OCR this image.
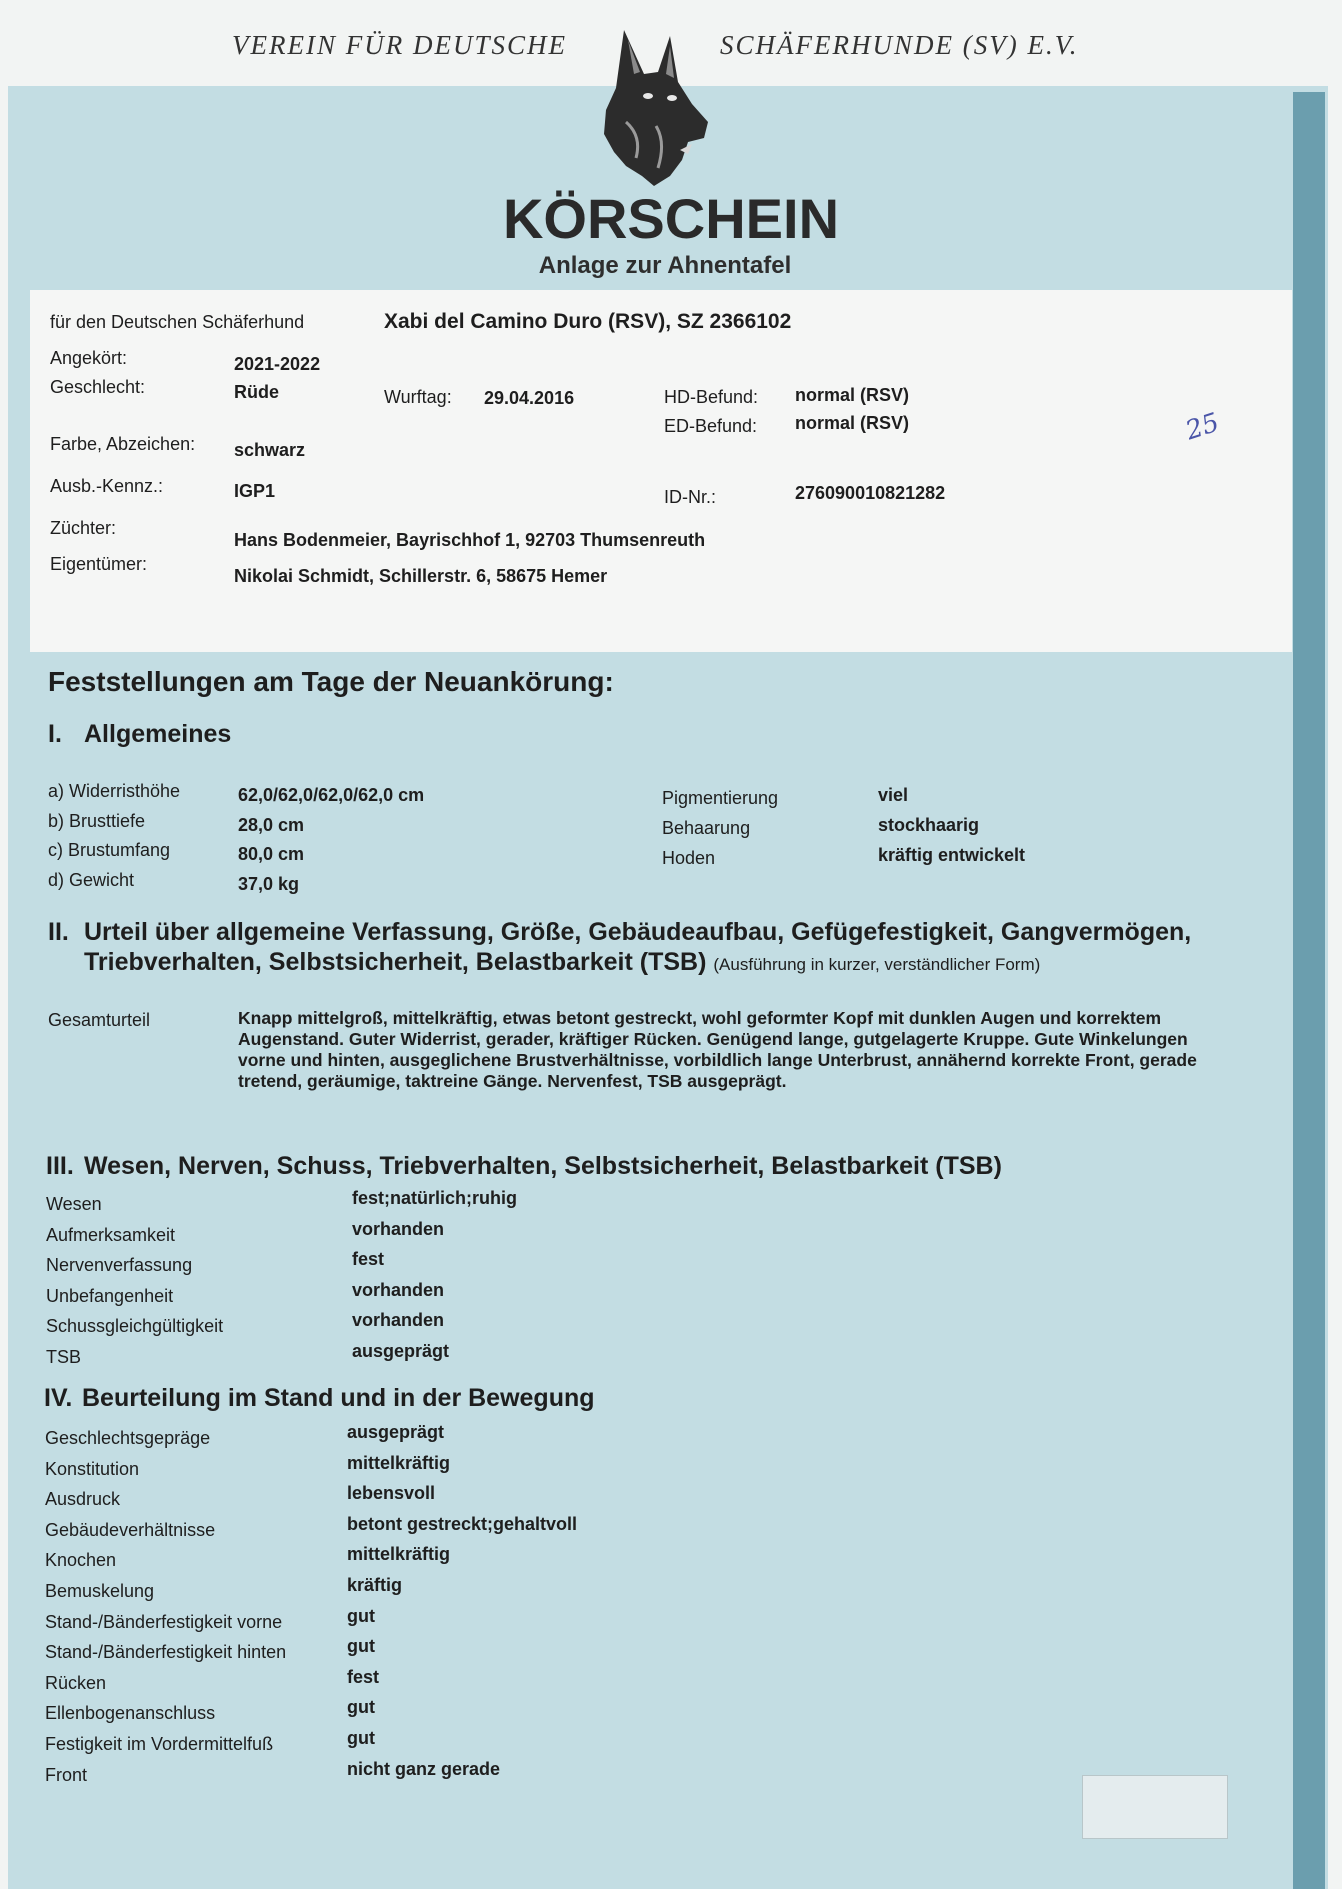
VEREIN FÜR DEUTSCHE	SCHÄFERHUNDE (SV) E.V.
KÖRSCHEIN
Anlage zur Ahnentafel
für den Deutschen Schäferhund	Xabi del Camino Duro (RSV), SZ 2366102
Angekört:	2021-2022
Geschlecht:	Rüde	Wurftag: 29.04.2016	HD-Befund: normal (RSV)
ED-Befund: normal (RSV)
Farbe, Abzeichen: schwarz
Ausb.-Kennz.:	IGP1	ID-Nr.:	276090010821282
Züchter:
Hans Bodenmeier, Bayrischhof 1, 92703 Thumsenreuth
Eigentümer:
Nikolai Schmidt, Schillerstr. 6, 58675 Hemer
25
Feststellungen am Tage der Neuankörung:
I. Allgemeines
a) Widerristhöhe	62,0/62,0/62,0/62,0 cm
b) Brusttiefe	28,0 cm
c) Brustumfang	80,0 cm
d) Gewicht	37,0 kg
Pigmentierung	viel
Behaarung	stockhaarig
Hoden	kräftig entwickelt
II. Urteil über allgemeine Verfassung, Größe, Gebäudeaufbau, Gefügefestigkeit, Gangvermögen,
Triebverhalten, Selbstsicherheit, Belastbarkeit (TSB) (Ausführung in kurzer, verständlicher Form)
Gesamturteil	Knapp mittelgroß, mittelkräftig, etwas betont gestreckt, wohl geformter Kopf mit dunklen Augen und korrektem Augenstand. Guter Widerrist, gerader, kräftiger Rücken. Genügend lange, gutgelagerte Kruppe. Gute Winkelungen vorne und hinten, ausgeglichene Brustverhältnisse, vorbildlich lange Unterbrust, annähernd korrekte Front, gerade tretend, geräumige, taktreine Gänge. Nervenfest, TSB ausgeprägt.
III. Wesen, Nerven, Schuss, Triebverhalten, Selbstsicherheit, Belastbarkeit (TSB)
Wesen	fest;natürlich;ruhig
Aufmerksamkeit	vorhanden
Nervenverfassung	fest
Unbefangenheit	vorhanden
Schussgleichgültigkeit	vorhanden
TSB	ausgeprägt
IV. Beurteilung im Stand und in der Bewegung
Geschlechtsgepräge	ausgeprägt
Konstitution	mittelkräftig
Ausdruck	lebensvoll
Gebäudeverhältnisse	betont gestreckt;gehaltvoll
Knochen	mittelkräftig
Bemuskelung	kräftig
Stand-/Bänderfestigkeit vorne	gut
Stand-/Bänderfestigkeit hinten	gut
Rücken	fest
Ellenbogenanschluss	gut
Festigkeit im Vordermittelfuß	gut
Front	nicht ganz gerade
